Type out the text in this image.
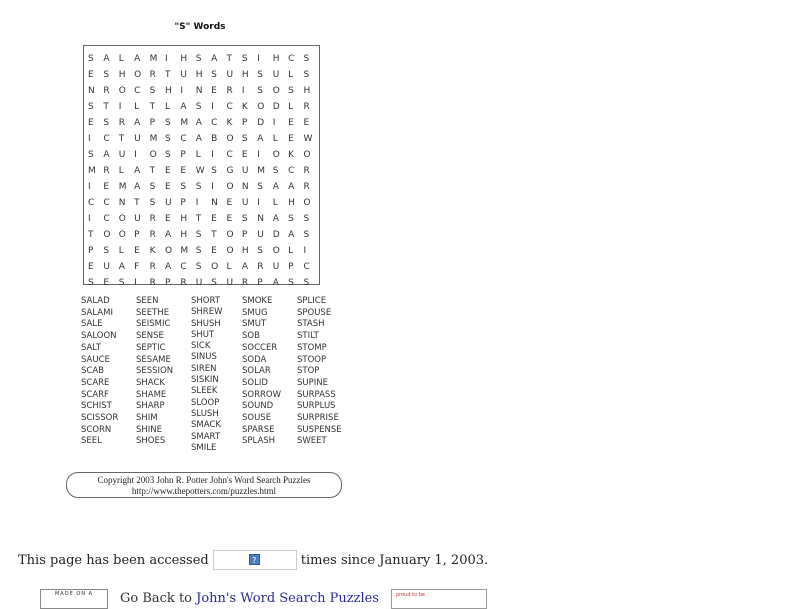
"S" Words
S	A	L	A	M I	H S	A	T	S	I	H C	S
E	S	H O R	T	U H S	U H S	U L	S
N R	O C	S	H I	N E	R	I	S	O S	H
S	T	I	L	T	L	A	S	I	C	K	O D L	R
E	S	R	A	P	S	M A	C	K	P	D I	E	E
I	C	T	U M S	C	A	B	O S	A	L	E	W
S	A	U I	O S	P	L	I	C	E	I	O K	O
M R	L	A	T	E	E	W S	G U M S	C	R
I	E	M A	S	E	S	S	I	O N S	A	A	R
C	C	N T	S	U P	I	N E	U I	L	H O
I	C	O U R	E	H T	E	E	S	N A	S	S
T	O O P	R	A	H S	T	O P	U D A	S
P	S	L	E	K	O M S	E	O H S	O L	I
E	U A	F	R	A	C	S	O L	A	R	U P	C
S	E	S	I	R	P	R	U S	U R	P	A	S	S
SALAD
SALAMI
SALE
SALOON
SALT
SAUCE
SCAB
SCARE
SCARF
SCHIST
SCISSOR
SCORN
SEEL
SEEN
SEETHE
SEISMIC
SENSE
SEPTIC
SESAME
SESSION
SHACK
SHAME
SHARP
SHIM
SHINE
SHOES
SHORT
SHREW
SHUSH
SHUT
SICK
SINUS
SIREN
SISKIN
SLEEK
SLOOP
SLUSH
SMACK
SMART
SMILE
SMOKE
SMUG
SMUT
SOB
SOCCER
SODA
SOLAR
SOLID
SORROW
SOUND
SOUSE
SPARSE
SPLASH
SPLICE
SPOUSE
STASH
STILT
STOMP
STOOP
STOP
SUPINE
SURPASS
SURPLUS
SURPRISE
SUSPENSE
SWEET
Copyright 2003 John R. Potter John's Word Search Puzzles
http://www.thepotters.com/puzzles.html
This page has been accessed	?	times since January 1, 2003.
MADE ON A	Go Back to John's Word Search Puzzles	proud to be
